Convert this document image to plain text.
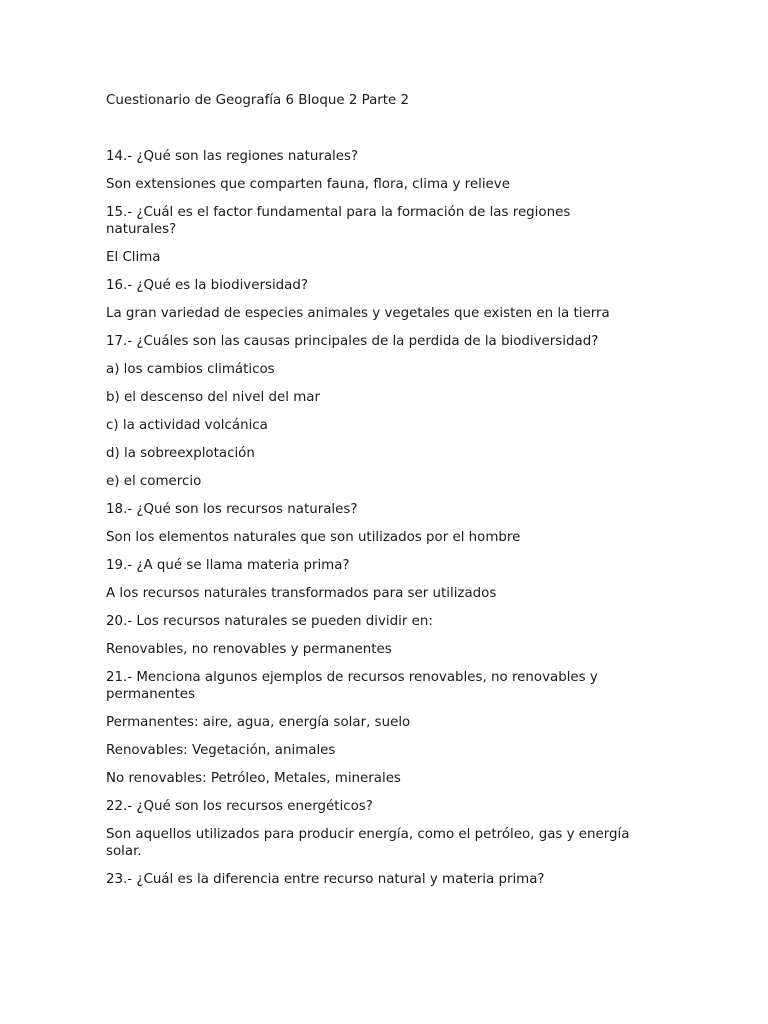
Cuestionario de Geografía 6 Bloque 2 Parte 2

14.- ¿Qué son las regiones naturales?

Son extensiones que comparten fauna, flora, clima y relieve

15.- ¿Cuál es el factor fundamental para la formación de las regiones naturales?

El Clima

16.- ¿Qué es la biodiversidad?

La gran variedad de especies animales y vegetales que existen en la tierra

17.- ¿Cuáles son las causas principales de la perdida de la biodiversidad?

a) los cambios climáticos

b) el descenso del nivel del mar

c) la actividad volcánica

d) la sobreexplotación

e) el comercio

18.- ¿Qué son los recursos naturales?

Son los elementos naturales que son utilizados por el hombre

19.- ¿A qué se llama materia prima?

A los recursos naturales transformados para ser utilizados

20.- Los recursos naturales se pueden dividir en:

Renovables, no renovables y permanentes

21.- Menciona algunos ejemplos de recursos renovables, no renovables y permanentes

Permanentes: aire, agua, energía solar, suelo

Renovables: Vegetación, animales

No renovables: Petróleo, Metales, minerales

22.- ¿Qué son los recursos energéticos?

Son aquellos utilizados para producir energía, como el petróleo, gas y energía solar.

23.- ¿Cuál es la diferencia entre recurso natural y materia prima?
